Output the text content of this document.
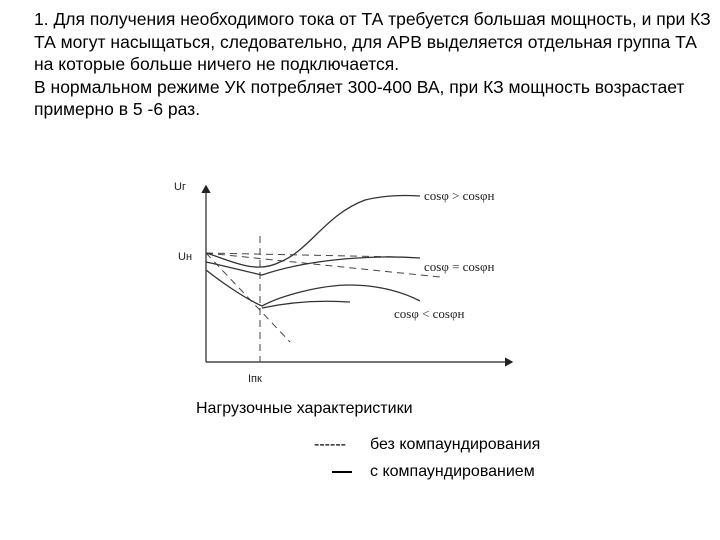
1. Для получения необходимого тока от ТА требуется большая мощность, и при КЗ ТА могут насыщаться, следовательно, для АРВ выделяется отдельная группа ТА на которые больше ничего не подключается.

В нормальном режиме УК потребляет 300-400 ВА, при КЗ мощность возрастает примерно в 5 -6 раз.

Uг
Uн
Iпк
cosφ > cosφн
cosφ = cosφн
cosφ < cosφн
Нагрузочные характеристики
------ без компаундирования
с компаундированием
